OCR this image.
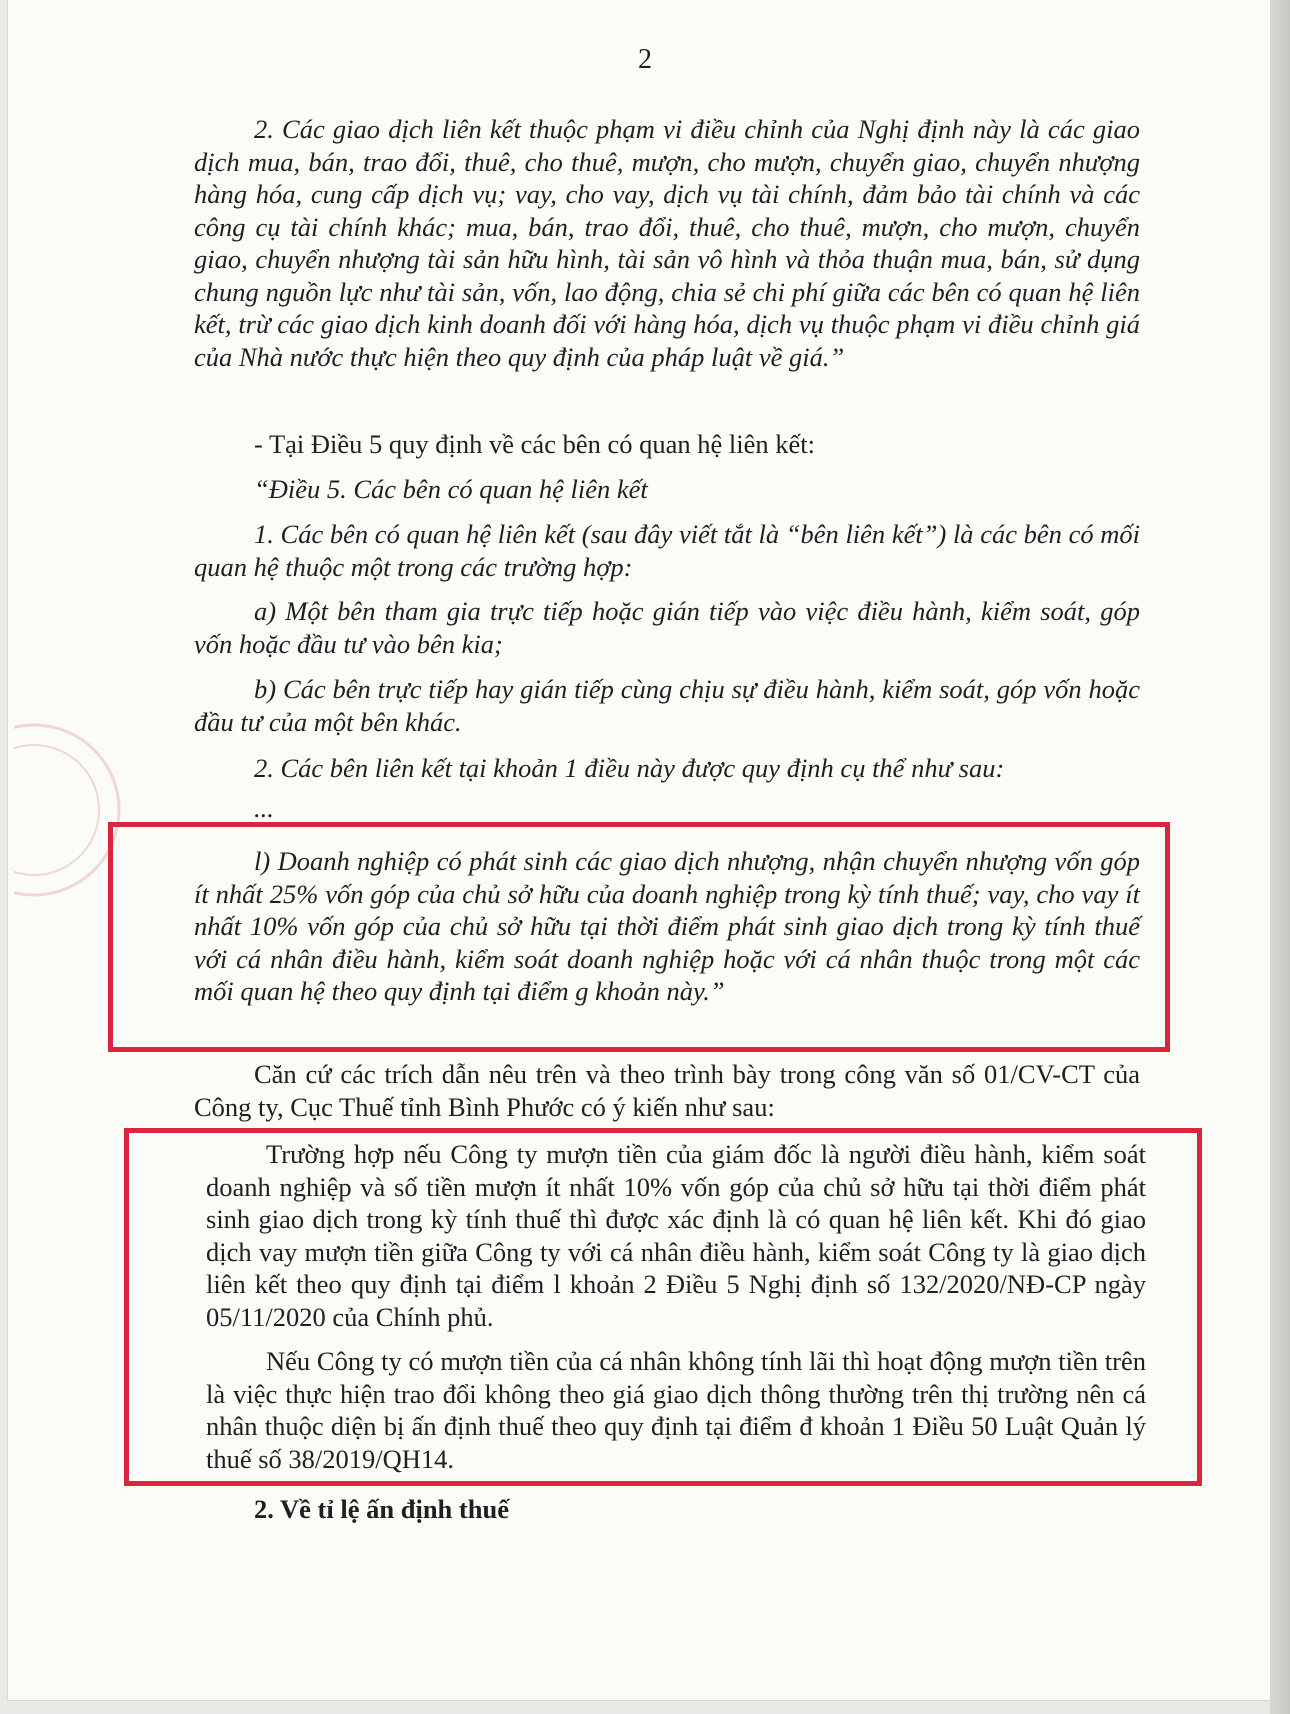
2

2. Các giao dịch liên kết thuộc phạm vi điều chỉnh của Nghị định này là các giao dịch mua, bán, trao đổi, thuê, cho thuê, mượn, cho mượn, chuyển giao, chuyển nhượng hàng hóa, cung cấp dịch vụ; vay, cho vay, dịch vụ tài chính, đảm bảo tài chính và các công cụ tài chính khác; mua, bán, trao đổi, thuê, cho thuê, mượn, cho mượn, chuyển giao, chuyển nhượng tài sản hữu hình, tài sản vô hình và thỏa thuận mua, bán, sử dụng chung nguồn lực như tài sản, vốn, lao động, chia sẻ chi phí giữa các bên có quan hệ liên kết, trừ các giao dịch kinh doanh đối với hàng hóa, dịch vụ thuộc phạm vi điều chỉnh giá của Nhà nước thực hiện theo quy định của pháp luật về giá.”

- Tại Điều 5 quy định về các bên có quan hệ liên kết:

“Điều 5. Các bên có quan hệ liên kết

1. Các bên có quan hệ liên kết (sau đây viết tắt là “bên liên kết”) là các bên có mối quan hệ thuộc một trong các trường hợp:

a) Một bên tham gia trực tiếp hoặc gián tiếp vào việc điều hành, kiểm soát, góp vốn hoặc đầu tư vào bên kia;

b) Các bên trực tiếp hay gián tiếp cùng chịu sự điều hành, kiểm soát, góp vốn hoặc đầu tư của một bên khác.

2. Các bên liên kết tại khoản 1 điều này được quy định cụ thể như sau:

...

l) Doanh nghiệp có phát sinh các giao dịch nhượng, nhận chuyển nhượng vốn góp ít nhất 25% vốn góp của chủ sở hữu của doanh nghiệp trong kỳ tính thuế; vay, cho vay ít nhất 10% vốn góp của chủ sở hữu tại thời điểm phát sinh giao dịch trong kỳ tính thuế với cá nhân điều hành, kiểm soát doanh nghiệp hoặc với cá nhân thuộc trong một các mối quan hệ theo quy định tại điểm g khoản này.”

Căn cứ các trích dẫn nêu trên và theo trình bày trong công văn số 01/CV-CT của Công ty, Cục Thuế tỉnh Bình Phước có ý kiến như sau:

Trường hợp nếu Công ty mượn tiền của giám đốc là người điều hành, kiểm soát doanh nghiệp và số tiền mượn ít nhất 10% vốn góp của chủ sở hữu tại thời điểm phát sinh giao dịch trong kỳ tính thuế thì được xác định là có quan hệ liên kết. Khi đó giao dịch vay mượn tiền giữa Công ty với cá nhân điều hành, kiểm soát Công ty là giao dịch liên kết theo quy định tại điểm l khoản 2 Điều 5 Nghị định số 132/2020/NĐ-CP ngày 05/11/2020 của Chính phủ.

Nếu Công ty có mượn tiền của cá nhân không tính lãi thì hoạt động mượn tiền trên là việc thực hiện trao đổi không theo giá giao dịch thông thường trên thị trường nên cá nhân thuộc diện bị ấn định thuế theo quy định tại điểm đ khoản 1 Điều 50 Luật Quản lý thuế số 38/2019/QH14.

2. Về tỉ lệ ấn định thuế
